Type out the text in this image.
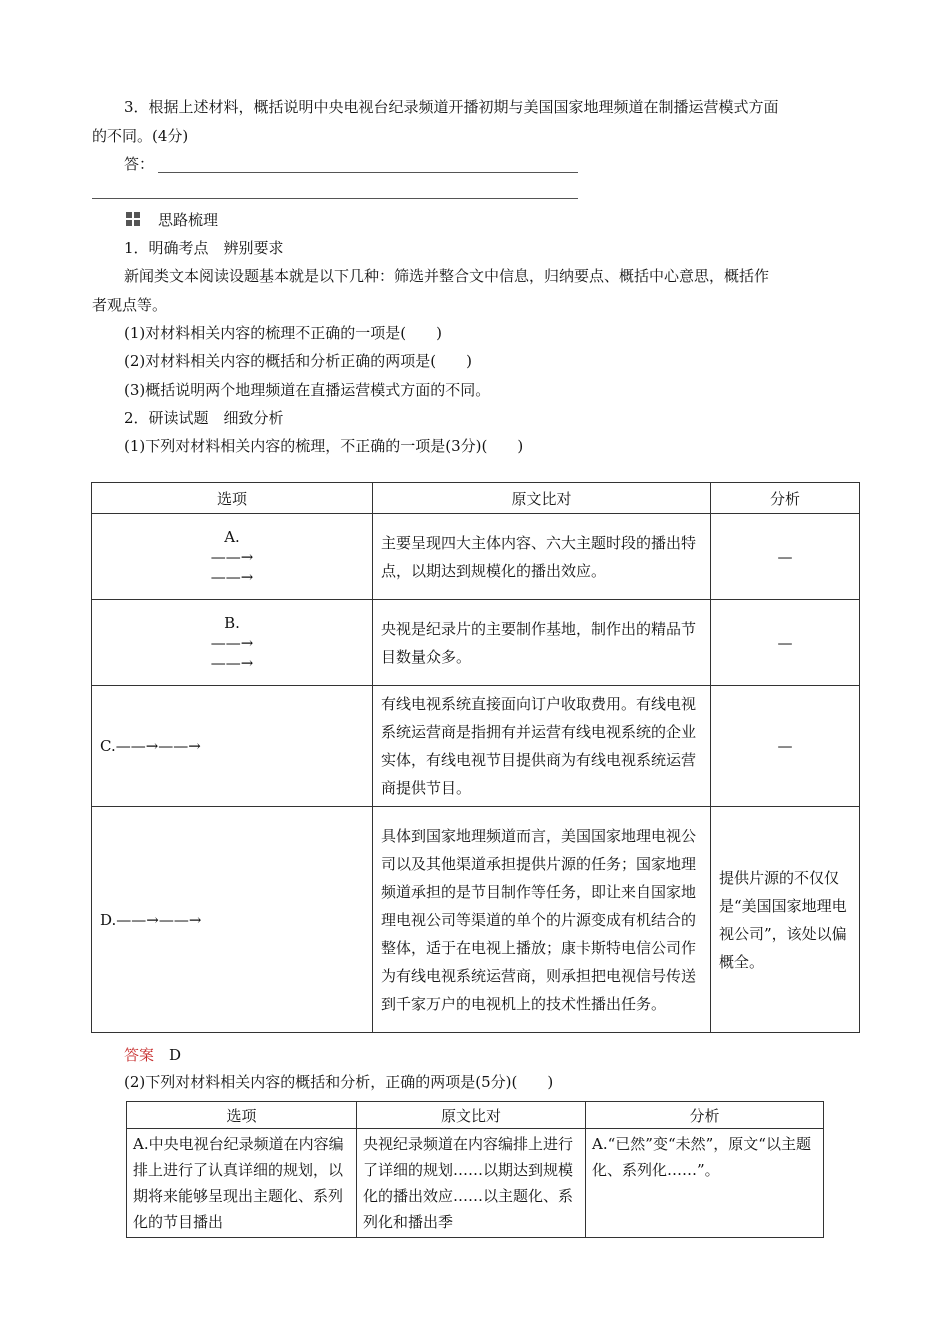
3．根据上述材料，概括说明中央电视台纪录频道开播初期与美国国家地理频道在制播运营模式方面
的不同。(4分)
答：
思路梳理
1．明确考点　辨别要求
新闻类文本阅读设题基本就是以下几种：筛选并整合文中信息，归纳要点、概括中心意思，概括作
者观点等。
(1)对材料相关内容的梳理不正确的一项是(　　)
(2)对材料相关内容的概括和分析正确的两项是(　　)
(3)概括说明两个地理频道在直播运营模式方面的不同。
2．研读试题　细致分析
(1)下列对材料相关内容的梳理，不正确的一项是(3分)(　　)
选项	原文比对	分析

A.
——→
——→	主要呈现四大主体内容、六大主题时段的播出特点，以期达到规模化的播出效应。	—

B.
——→
——→	央视是纪录片的主要制作基地，制作出的精品节目数量众多。	—
C.——→——→	有线电视系统直接面向订户收取费用。有线电视系统运营商是指拥有并运营有线电视系统的企业实体，有线电视节目提供商为有线电视系统运营商提供节目。	—
D.——→——→	具体到国家地理频道而言，美国国家地理电视公司以及其他渠道承担提供片源的任务；国家地理频道承担的是节目制作等任务，即让来自国家地理电视公司等渠道的单个的片源变成有机结合的整体，适于在电视上播放；康卡斯特电信公司作为有线电视系统运营商，则承担把电视信号传送到千家万户的电视机上的技术性播出任务。	提供片源的不仅仅是“美国国家地理电视公司”，该处以偏概全。
答案　 D
(2)下列对材料相关内容的概括和分析，正确的两项是(5分)(　　)
选项	原文比对	分析
A.中央电视台纪录频道在内容编排上进行了认真详细的规划，以期将来能够呈现出主题化、系列化的节目播出	央视纪录频道在内容编排上进行了详细的规划……以期达到规模化的播出效应……以主题化、系列化和播出季	A.“已然”变“未然”，原文“以主题化、系列化……”。
